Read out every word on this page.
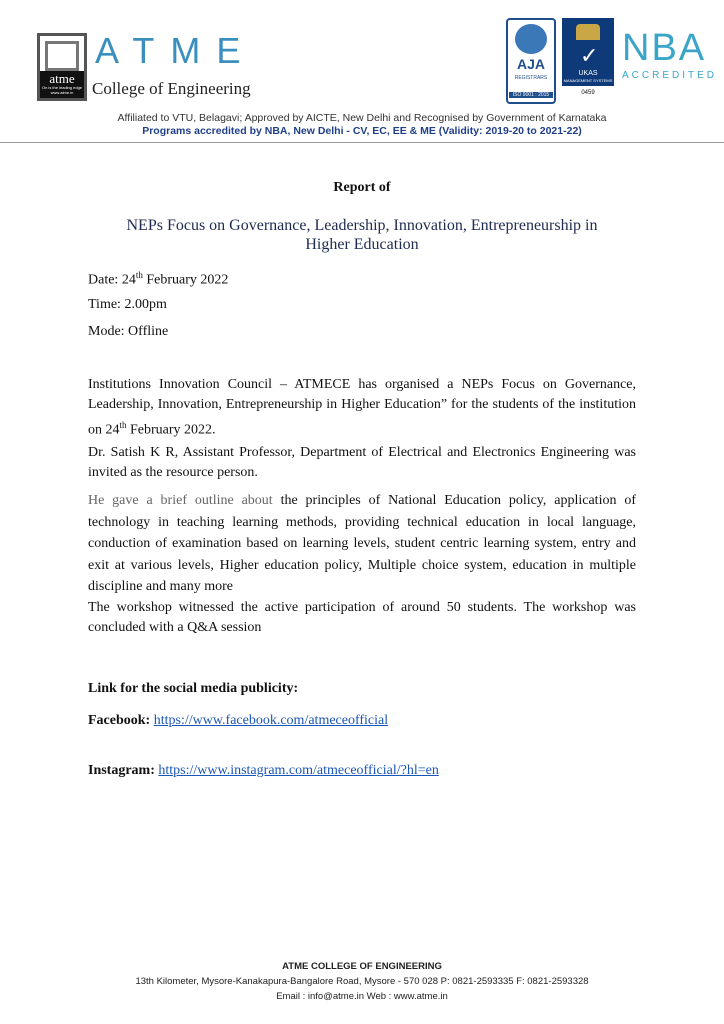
atme
On is the leading edge
www.atme.in
ATME
College of Engineering
AJA
REGISTRARS
ISO 9001 : 2015
✓
UKAS
MANAGEMENT SYSTEMS
0459
NBA
ACCREDITED
Affiliated to VTU, Belagavi; Approved by AICTE, New Delhi and Recognised by Government of Karnataka
Programs accredited by NBA, New Delhi - CV, EC, EE & ME (Validity: 2019-20 to 2021-22)
Report of
NEPs Focus on Governance, Leadership, Innovation, Entrepreneurship in
Higher Education
Date: 24th February 2022
Time: 2.00pm
Mode: Offline
Institutions Innovation Council – ATMECE has organised a NEPs Focus on Governance, Leadership, Innovation, Entrepreneurship in Higher Education” for the students of the institution on 24th February 2022.
Dr. Satish K R, Assistant Professor, Department of Electrical and Electronics Engineering was invited as the resource person.
He gave a brief outline about the principles of National Education policy, application of technology in teaching learning methods, providing technical education in local language, conduction of examination based on learning levels, student centric learning system, entry and exit at various levels, Higher education policy, Multiple choice system, education in multiple discipline and many more
The workshop witnessed the active participation of around 50 students. The workshop was concluded with a Q&A session
Link for the social media publicity:
Facebook: https://www.facebook.com/atmeceofficial
Instagram: https://www.instagram.com/atmeceofficial/?hl=en
ATME COLLEGE OF ENGINEERING
13th Kilometer, Mysore-Kanakapura-Bangalore Road, Mysore - 570 028 P: 0821-2593335 F: 0821-2593328
Email : info@atme.in Web : www.atme.in
